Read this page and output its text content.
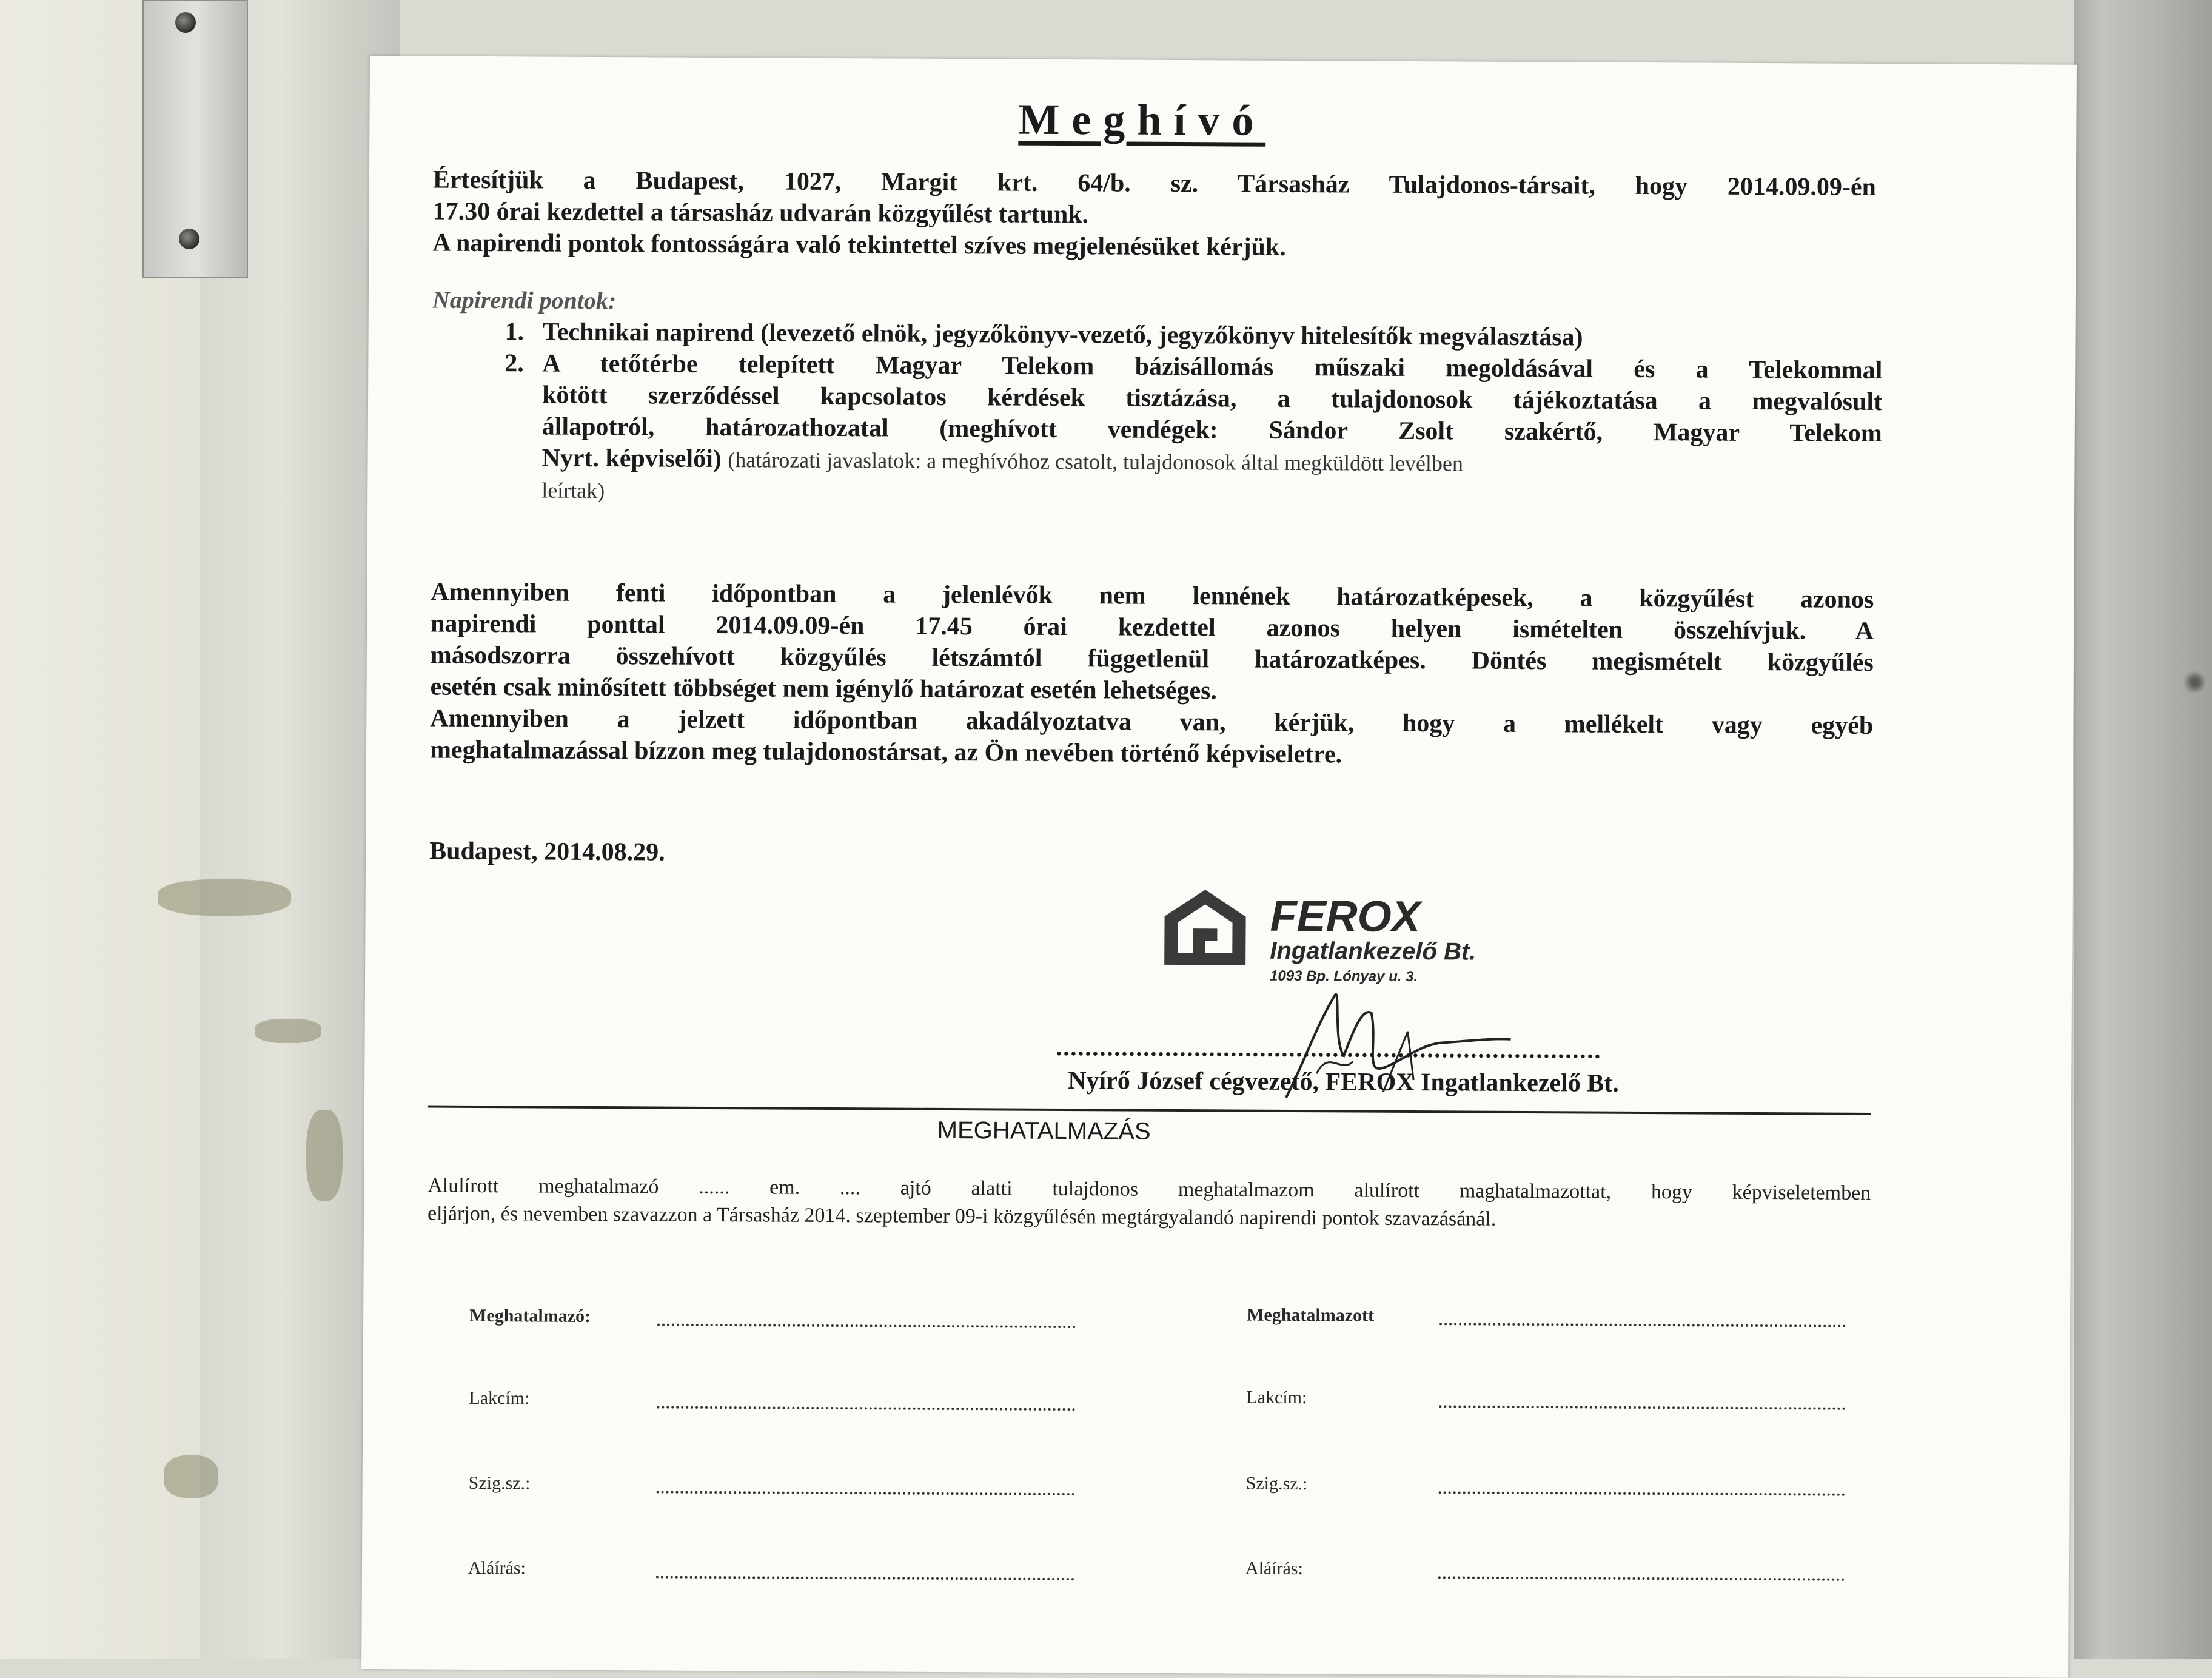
Meghívó
Értesítjük a Budapest, 1027, Margit krt. 64/b. sz. Társasház Tulajdonos-társait, hogy 2014.09.09-én
17.30 órai kezdettel a társasház udvarán közgyűlést tartunk.
A napirendi pontok fontosságára való tekintettel szíves megjelenésüket kérjük.
Napirendi pontok:
1. Technikai napirend (levezető elnök, jegyzőkönyv-vezető, jegyzőkönyv hitelesítők megválasztása)
2. A tetőtérbe telepített Magyar Telekom bázisállomás műszaki megoldásával és a Telekommal
kötött szerződéssel kapcsolatos kérdések tisztázása, a tulajdonosok tájékoztatása a megvalósult
állapotról, határozathozatal (meghívott vendégek: Sándor Zsolt szakértő, Magyar Telekom
Nyrt. képviselői) (határozati javaslatok: a meghívóhoz csatolt, tulajdonosok által megküldött levélben
leírtak)
Amennyiben fenti időpontban a jelenlévők nem lennének határozatképesek, a közgyűlést azonos
napirendi ponttal 2014.09.09-én 17.45 órai kezdettel azonos helyen ismételten összehívjuk. A
másodszorra összehívott közgyűlés létszámtól függetlenül határozatképes. Döntés megismételt közgyűlés
esetén csak minősített többséget nem igénylő határozat esetén lehetséges.
Amennyiben a jelzett időpontban akadályoztatva van, kérjük, hogy a mellékelt vagy egyéb
meghatalmazással bízzon meg tulajdonostársat, az Ön nevében történő képviseletre.
Budapest, 2014.08.29.
FEROX
Ingatlankezelő Bt.
1093 Bp. Lónyay u. 3.
...........................................................................
Nyírő József cégvezető, FEROX Ingatlankezelő Bt.
MEGHATALMAZÁS
Alulírott meghatalmazó ...... em. .... ajtó alatti tulajdonos meghatalmazom alulírott maghatalmazottat, hogy képviseletemben
eljárjon, és nevemben szavazzon a Társasház 2014. szeptember 09-i közgyűlésén megtárgyalandó napirendi pontok szavazásánál.
Meghatalmazó:
Lakcím:
Szig.sz.:
Aláírás:
Meghatalmazott
Lakcím:
Szig.sz.:
Aláírás:
